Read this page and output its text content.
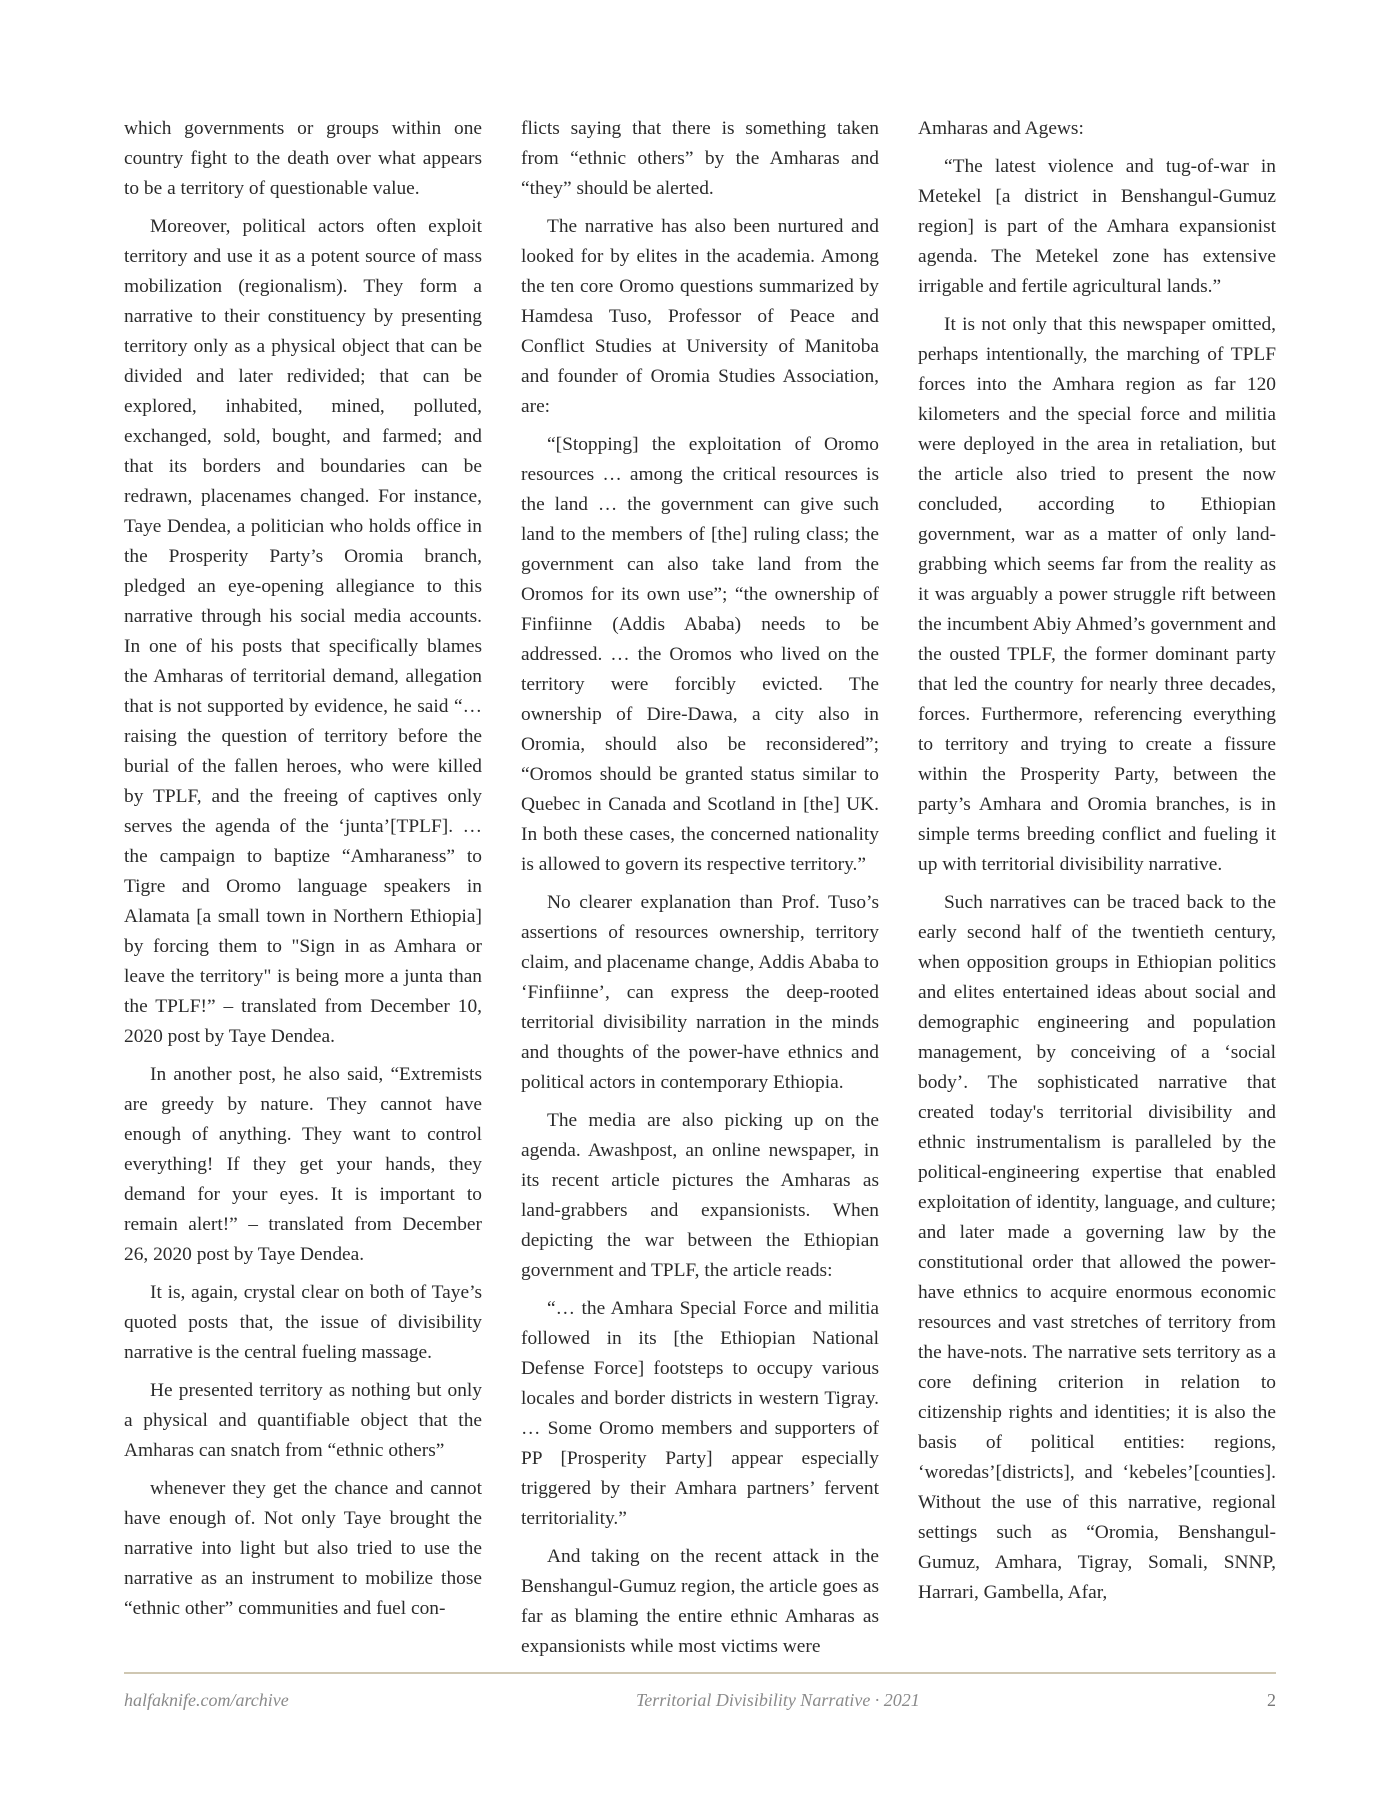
which governments or groups within one country fight to the death over what appears to be a territory of questionable value.

Moreover, political actors often exploit territory and use it as a potent source of mass mobilization (regionalism). They form a narrative to their constituency by presenting territory only as a physical object that can be divided and later redivided; that can be explored, inhabited, mined, polluted, exchanged, sold, bought, and farmed; and that its borders and boundaries can be redrawn, placenames changed. For instance, Taye Dendea, a politician who holds office in the Prosperity Party’s Oromia branch, pledged an eye-opening allegiance to this narrative through his social media accounts. In one of his posts that specifically blames the Amharas of territorial demand, allegation that is not supported by evidence, he said “… raising the question of territory before the burial of the fallen heroes, who were killed by TPLF, and the freeing of captives only serves the agenda of the ‘junta’[TPLF]. … the campaign to baptize “Amharaness” to Tigre and Oromo language speakers in Alamata [a small town in Northern Ethiopia] by forcing them to "Sign in as Amhara or leave the territory" is being more a junta than the TPLF!” – translated from December 10, 2020 post by Taye Dendea.

In another post, he also said, “Extremists are greedy by nature. They cannot have enough of anything. They want to control everything! If they get your hands, they demand for your eyes. It is important to remain alert!” – translated from December 26, 2020 post by Taye Dendea.

It is, again, crystal clear on both of Taye’s quoted posts that, the issue of divisibility narrative is the central fueling massage.

He presented territory as nothing but only a physical and quantifiable object that the Amharas can snatch from “ethnic others”

whenever they get the chance and cannot have enough of. Not only Taye brought the narrative into light but also tried to use the narrative as an instrument to mobilize those “ethnic other” communities and fuel con-

flicts saying that there is something taken from “ethnic others” by the Amharas and “they” should be alerted.

The narrative has also been nurtured and looked for by elites in the academia. Among the ten core Oromo questions summarized by Hamdesa Tuso, Professor of Peace and Conflict Studies at University of Manitoba and founder of Oromia Studies Association, are:

“[Stopping] the exploitation of Oromo resources … among the critical resources is the land … the government can give such land to the members of [the] ruling class; the government can also take land from the Oromos for its own use”; “the ownership of Finfiinne (Addis Ababa) needs to be addressed. … the Oromos who lived on the territory were forcibly evicted. The ownership of Dire-Dawa, a city also in Oromia, should also be reconsidered”; “Oromos should be granted status similar to Quebec in Canada and Scotland in [the] UK. In both these cases, the concerned nationality is allowed to govern its respective territory.”

No clearer explanation than Prof. Tuso’s assertions of resources ownership, territory claim, and placename change, Addis Ababa to ‘Finfiinne’, can express the deep-rooted territorial divisibility narration in the minds and thoughts of the power-have ethnics and political actors in contemporary Ethiopia.

The media are also picking up on the agenda. Awashpost, an online newspaper, in its recent article pictures the Amharas as land-grabbers and expansionists. When depicting the war between the Ethiopian government and TPLF, the article reads:

“… the Amhara Special Force and militia followed in its [the Ethiopian National Defense Force] footsteps to occupy various locales and border districts in western Tigray. … Some Oromo members and supporters of PP [Prosperity Party] appear especially triggered by their Amhara partners’ fervent territoriality.”

And taking on the recent attack in the Benshangul-Gumuz region, the article goes as far as blaming the entire ethnic Amharas as expansionists while most victims were

Amharas and Agews:

“The latest violence and tug-of-war in Metekel [a district in Benshangul-Gumuz region] is part of the Amhara expansionist agenda. The Metekel zone has extensive irrigable and fertile agricultural lands.”

It is not only that this newspaper omitted, perhaps intentionally, the marching of TPLF forces into the Amhara region as far 120 kilometers and the special force and militia were deployed in the area in retaliation, but the article also tried to present the now concluded, according to Ethiopian government, war as a matter of only land-grabbing which seems far from the reality as it was arguably a power struggle rift between the incumbent Abiy Ahmed’s government and the ousted TPLF, the former dominant party that led the country for nearly three decades, forces. Furthermore, referencing everything to territory and trying to create a fissure within the Prosperity Party, between the party’s Amhara and Oromia branches, is in simple terms breeding conflict and fueling it up with territorial divisibility narrative.

Such narratives can be traced back to the early second half of the twentieth century, when opposition groups in Ethiopian politics and elites entertained ideas about social and demographic engineering and population management, by conceiving of a ‘social body’. The sophisticated narrative that created today's territorial divisibility and ethnic instrumentalism is paralleled by the political-engineering expertise that enabled exploitation of identity, language, and culture; and later made a governing law by the constitutional order that allowed the power-have ethnics to acquire enormous economic resources and vast stretches of territory from the have-nots. The narrative sets territory as a core defining criterion in relation to citizenship rights and identities; it is also the basis of political entities: regions, ‘woredas’[districts], and ‘kebeles’[counties]. Without the use of this narrative, regional settings such as “Oromia, Benshangul-Gumuz, Amhara, Tigray, Somali, SNNP, Harrari, Gambella, Afar,

halfaknife.com/archive	Territorial Divisibility Narrative · 2021	2
